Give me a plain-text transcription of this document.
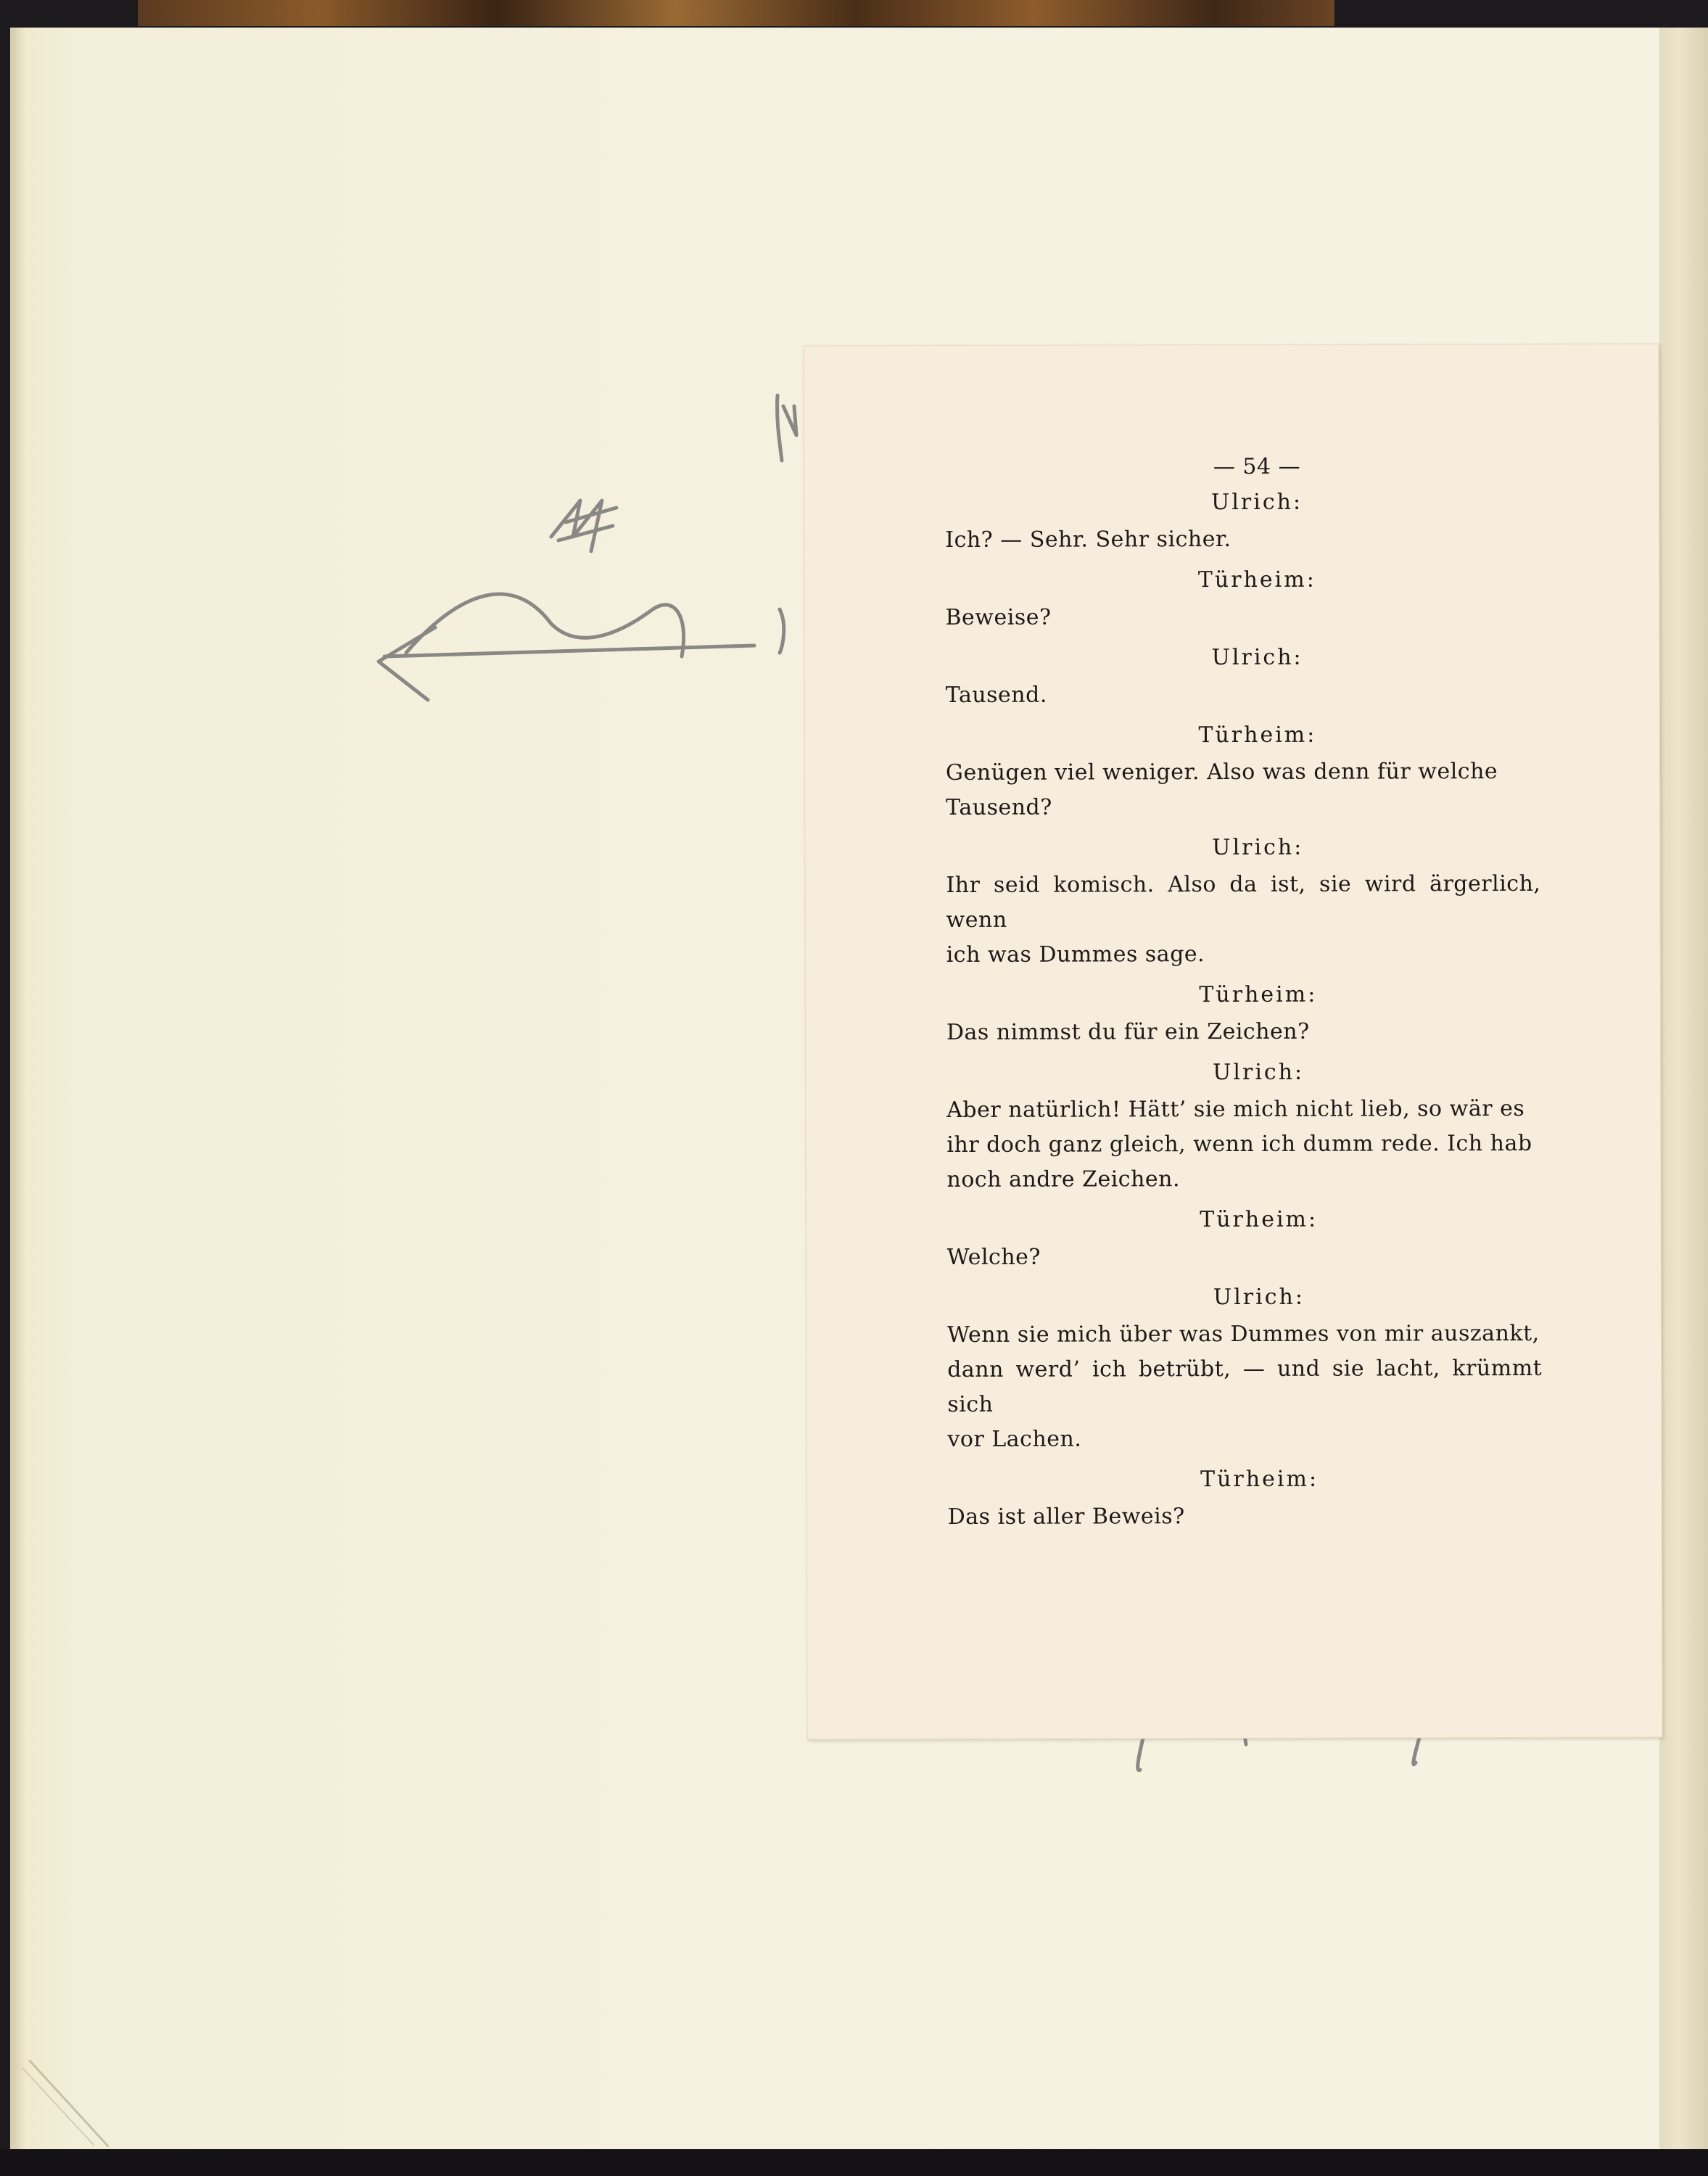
— 54 —
Ulrich:

Ich? — Sehr. Sehr sicher.

Türheim:

Beweise?

Ulrich:

Tausend.

Türheim:

Genügen viel weniger. Also was denn für welche

Tausend?

Ulrich:

Ihr seid komisch. Also da ist, sie wird ärgerlich, wenn

ich was Dummes sage.

Türheim:

Das nimmst du für ein Zeichen?

Ulrich:

Aber natürlich! Hätt’ sie mich nicht lieb, so wär es

ihr doch ganz gleich, wenn ich dumm rede. Ich hab

noch andre Zeichen.

Türheim:

Welche?

Ulrich:

Wenn sie mich über was Dummes von mir auszankt,

dann werd’ ich betrübt, — und sie lacht, krümmt sich

vor Lachen.

Türheim:

Das ist aller Beweis?
